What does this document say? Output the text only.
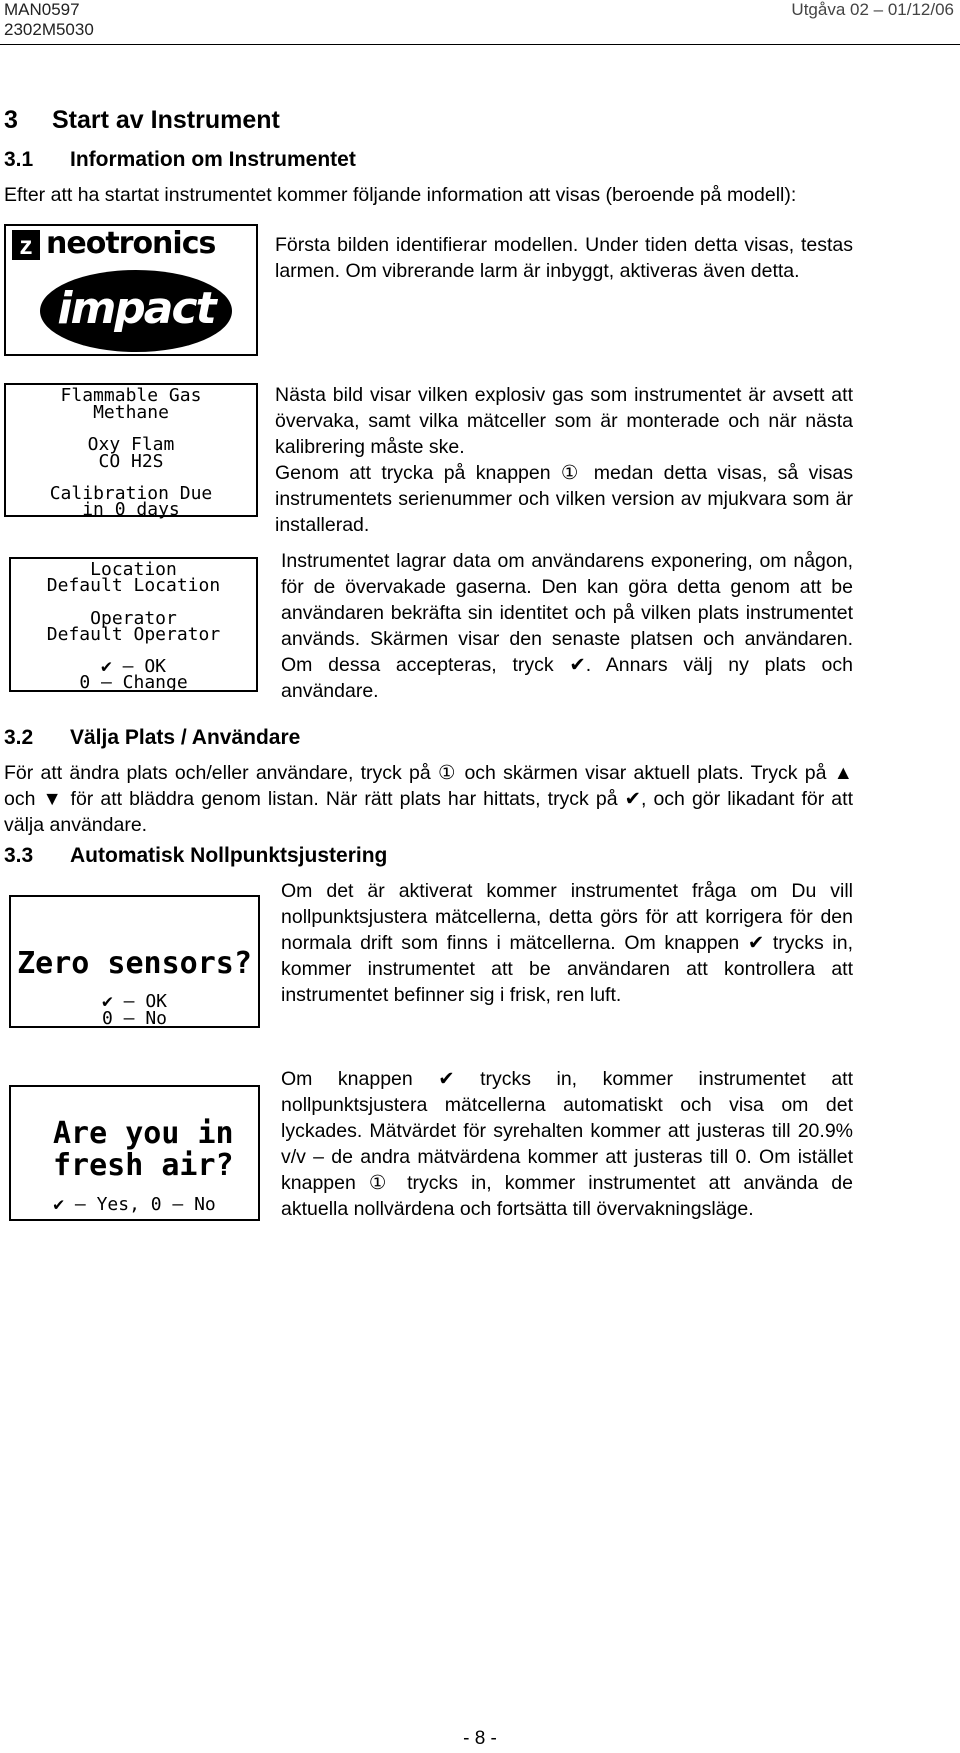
MAN0597
2302M5030
Utgåva 02 – 01/12/06
3 Start av Instrument
3.1 Information om Instrumentet
Efter att ha startat instrumentet kommer följande information att visas (beroende på modell):
z neotronics
impact
Första bilden identifierar modellen. Under tiden detta visas, testas larmen. Om vibrerande larm är inbyggt, aktiveras även detta.
Flammable Gas
Methane
Oxy Flam
CO H2S
Calibration Due
in 0 days
Nästa bild visar vilken explosiv gas som instrumentet är avsett att övervaka, samt vilka mätceller som är monterade och när nästa kalibrering måste ske.
Genom att trycka på knappen ① medan detta visas, så visas instrumentets serienummer och vilken version av mjukvara som är installerad.
Location
Default Location
Operator
Default Operator
✔ – OK
0 – Change
Instrumentet lagrar data om användarens exponering, om någon, för de övervakade gaserna. Den kan göra detta genom att be användaren bekräfta sin identitet och på vilken plats instrumentet används. Skärmen visar den senaste platsen och användaren. Om dessa accepteras, tryck ✔. Annars välj ny plats och användare.
3.2 Välja Plats / Användare
För att ändra plats och/eller användare, tryck på ① och skärmen visar aktuell plats. Tryck på ▲ och ▼ för att bläddra genom listan. När rätt plats har hittats, tryck på ✔, och gör likadant för att välja användare.
3.3 Automatisk Nollpunktsjustering
Zero sensors?
✔ – OK
0 – No
Om det är aktiverat kommer instrumentet fråga om Du vill nollpunktsjustera mätcellerna, detta görs för att korrigera för den normala drift som finns i mätcellerna. Om knappen ✔ trycks in, kommer instrumentet att be användaren att kontrollera att instrumentet befinner sig i frisk, ren luft.
Are you in
fresh air?
✔ – Yes, 0 – No
Om knappen ✔ trycks in, kommer instrumentet att nollpunktsjustera mätcellerna automatiskt och visa om det lyckades. Mätvärdet för syrehalten kommer att justeras till 20.9% v/v – de andra mätvärdena kommer att justeras till 0. Om istället knappen ① trycks in, kommer instrumentet att använda de aktuella nollvärdena och fortsätta till övervakningsläge.
- 8 -
